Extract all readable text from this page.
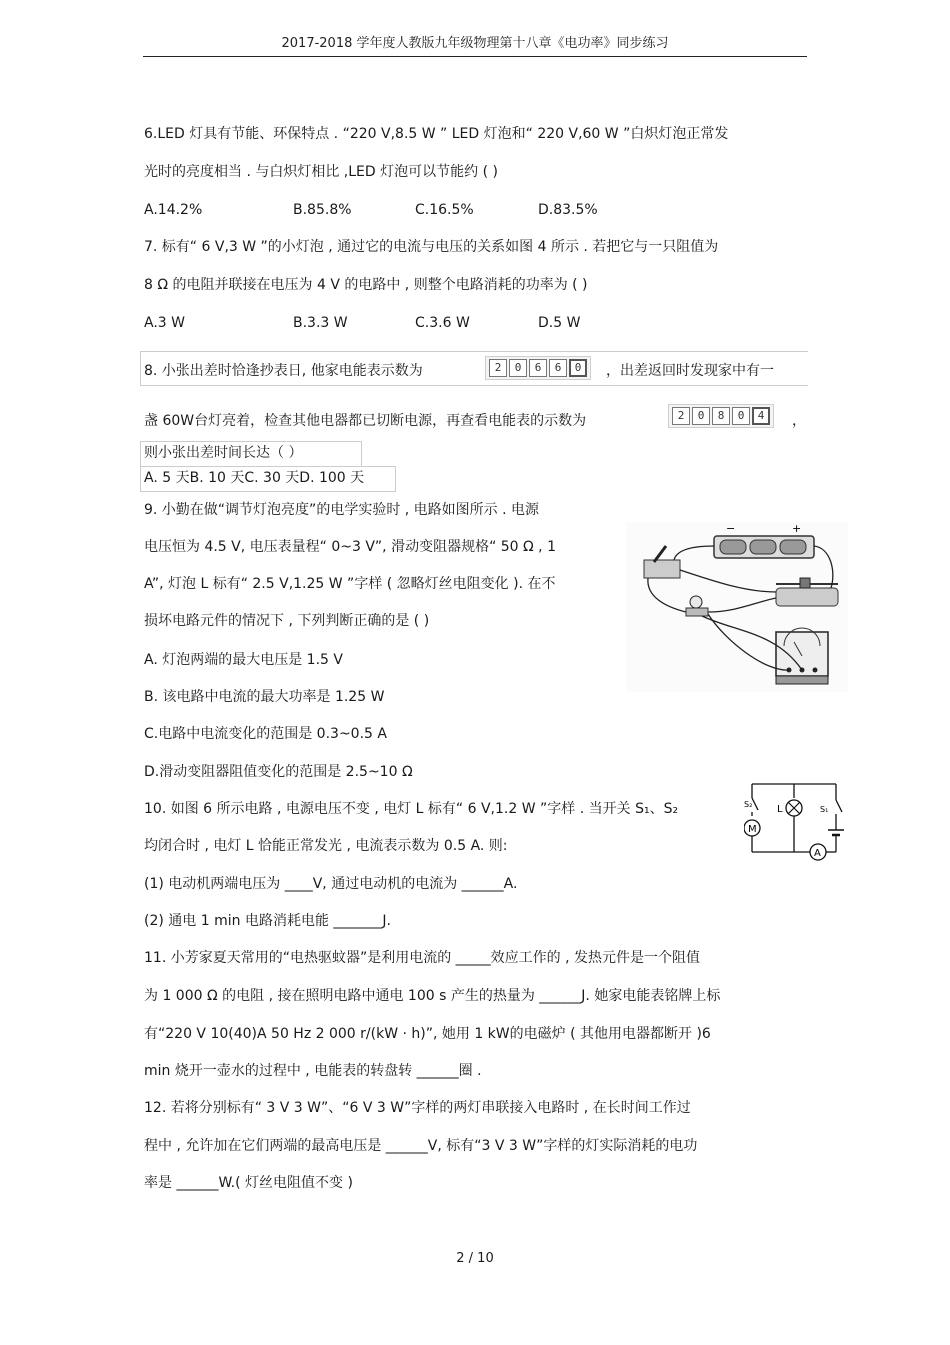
2017-2018 学年度人教版九年级物理第十八章《电功率》同步练习
6.LED 灯具有节能、环保特点 . “220 V,8.5 W ” LED 灯泡和“ 220 V,60 W ”白炽灯泡正常发
光时的亮度相当 . 与白炽灯相比 ,LED 灯泡可以节能约 ( )
A.14.2%	B.85.8%	C.16.5%	D.83.5%
7. 标有“ 6 V,3 W ”的小灯泡 , 通过它的电流与电压的关系如图 4 所示 . 若把它与一只阻值为
8 Ω 的电阻并联接在电压为 4 V 的电路中 , 则整个电路消耗的功率为 ( )
A.3 W	B.3.3 W	C.3.6 W	D.5 W
8. 小张出差时恰逢抄表日, 他家电能表示数为	2	0	6	6	0	，出差返回时发现家中有一
盏 60W台灯亮着，检查其他电器都已切断电源，再查看电能表的示数为	2	0	8	0	4	，
则小张出差时间长达（ ）
A. 5 天B. 10 天C. 30 天D. 100 天
9. 小勤在做“调节灯泡亮度”的电学实验时 , 电路如图所示 . 电源
电压恒为 4.5 V, 电压表量程“ 0~3 V”, 滑动变阻器规格“ 50 Ω , 1
A”, 灯泡 L 标有“ 2.5 V,1.25 W ”字样 ( 忽略灯丝电阻变化 ). 在不
损坏电路元件的情况下 , 下列判断正确的是 ( )
A. 灯泡两端的最大电压是 1.5 V
B. 该电路中电流的最大功率是 1.25 W
C.电路中电流变化的范围是 0.3~0.5 A
D.滑动变阻器阻值变化的范围是 2.5~10 Ω
−	+
10. 如图 6 所示电路 , 电源电压不变 , 电灯 L 标有“ 6 V,1.2 W ”字样 . 当开关 S₁、S₂
均闭合时 , 电灯 L 恰能正常发光 , 电流表示数为 0.5 A. 则:
(1) 电动机两端电压为 ____V, 通过电动机的电流为 ______A.
(2) 通电 1 min 电路消耗电能 _______J.
S₂
M
L	S₁
A
11. 小芳家夏天常用的“电热驱蚊器”是利用电流的 _____效应工作的 , 发热元件是一个阻值
为 1 000 Ω 的电阻 , 接在照明电路中通电 100 s 产生的热量为 ______J. 她家电能表铭牌上标
有“220 V 10(40)A 50 Hz 2 000 r/(kW · h)”, 她用 1 kW的电磁炉 ( 其他用电器都断开 )6
min 烧开一壶水的过程中 , 电能表的转盘转 ______圈 .
12. 若将分别标有“ 3 V 3 W”、“6 V 3 W”字样的两灯串联接入电路时 , 在长时间工作过
程中 , 允许加在它们两端的最高电压是 ______V, 标有“3 V 3 W”字样的灯实际消耗的电功
率是 ______W.( 灯丝电阻值不变 )
2 / 10
